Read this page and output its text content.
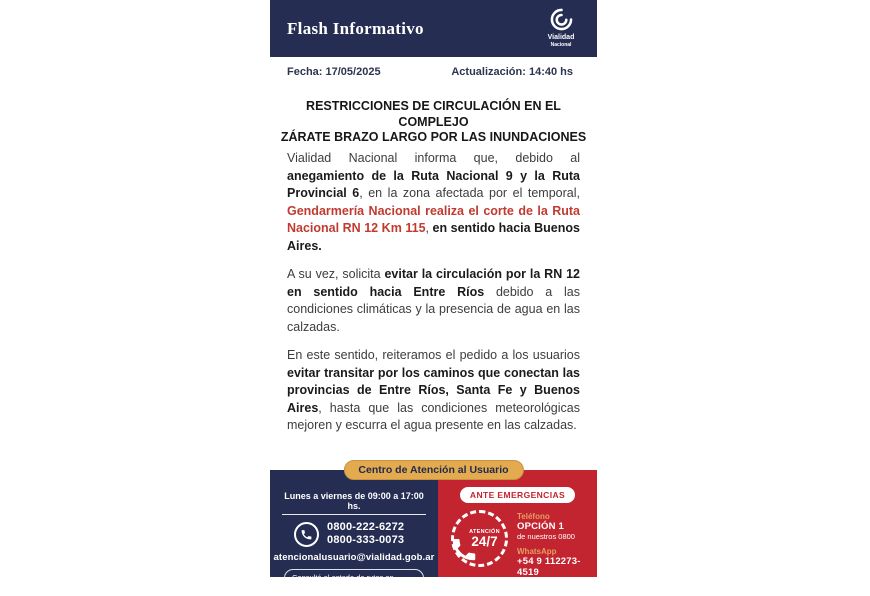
Flash Informativo	Vialidad
Nacional
Fecha: 17/05/2025	Actualización: 14:40 hs
RESTRICCIONES DE CIRCULACIÓN EN EL COMPLEJO
ZÁRATE BRAZO LARGO POR LAS INUNDACIONES

Vialidad Nacional informa que, debido al anegamiento de la Ruta Nacional 9 y la Ruta Provincial 6, en la zona afectada por el temporal, Gendarmería Nacional realiza el corte de la Ruta Nacional RN 12 Km 115, en sentido hacia Buenos Aires.

A su vez, solicita evitar la circulación por la RN 12 en sentido hacia Entre Ríos debido a las condiciones climáticas y la presencia de agua en las calzadas.

En este sentido, reiteramos el pedido a los usuarios evitar transitar por los caminos que conectan las provincias de Entre Ríos, Santa Fe y Buenos Aires, hasta que las condiciones meteorológicas mejoren y escurra el agua presente en las calzadas.

Centro de Atención al Usuario
Lunes a viernes de 09:00 a 17:00 hs.
0800-222-6272
0800-333-0073
atencionalusuario@vialidad.gob.ar
Consultá el estado de rutas en
www.argentina.gob.ar/rutasnacionales
ANTE EMERGENCIAS
ATENCIÓN
24/7
Teléfono
OPCIÓN 1
de nuestros 0800
WhatsApp
+54 9 112273-4519
